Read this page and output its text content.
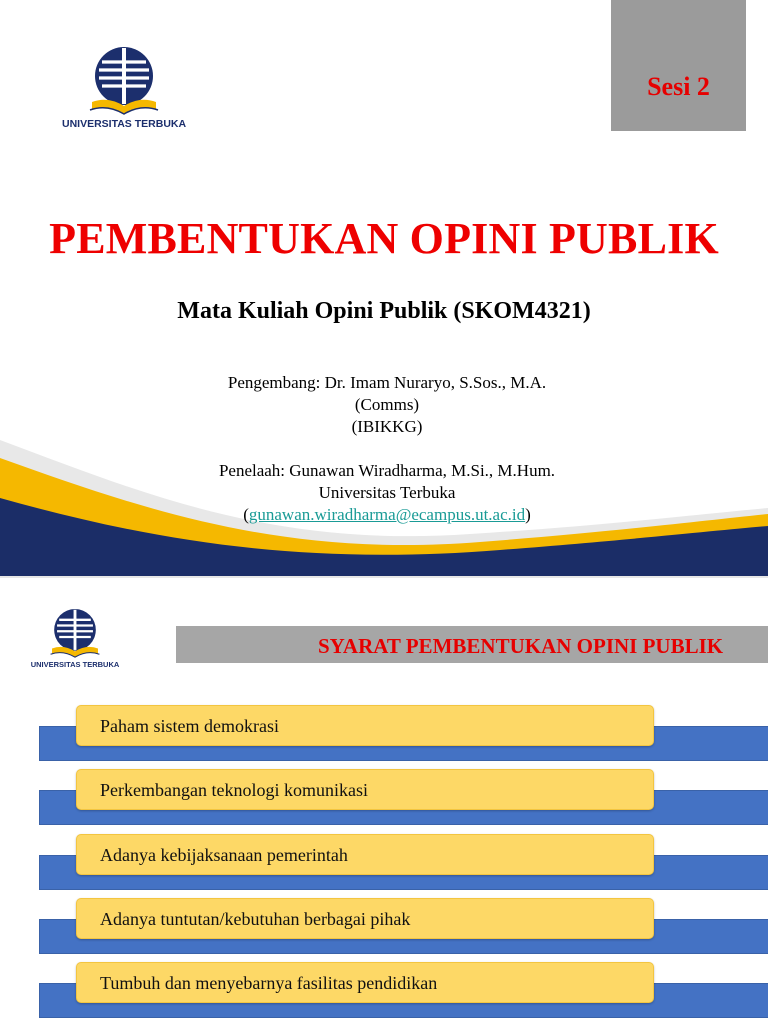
UNIVERSITAS TERBUKA
Sesi 2
PEMBENTUKAN OPINI PUBLIK
Mata Kuliah Opini Publik (SKOM4321)
Pengembang: Dr. Imam Nuraryo, S.Sos., M.A.
(Comms)
(IBIKKG)
Penelaah: Gunawan Wiradharma, M.Si., M.Hum.
Universitas Terbuka
(gunawan.wiradharma@ecampus.ut.ac.id)
UNIVERSITAS TERBUKA
SYARAT PEMBENTUKAN OPINI PUBLIK
Paham sistem demokrasi
Perkembangan teknologi komunikasi
Adanya kebijaksanaan pemerintah
Adanya tuntutan/kebutuhan berbagai pihak
Tumbuh dan menyebarnya fasilitas pendidikan
